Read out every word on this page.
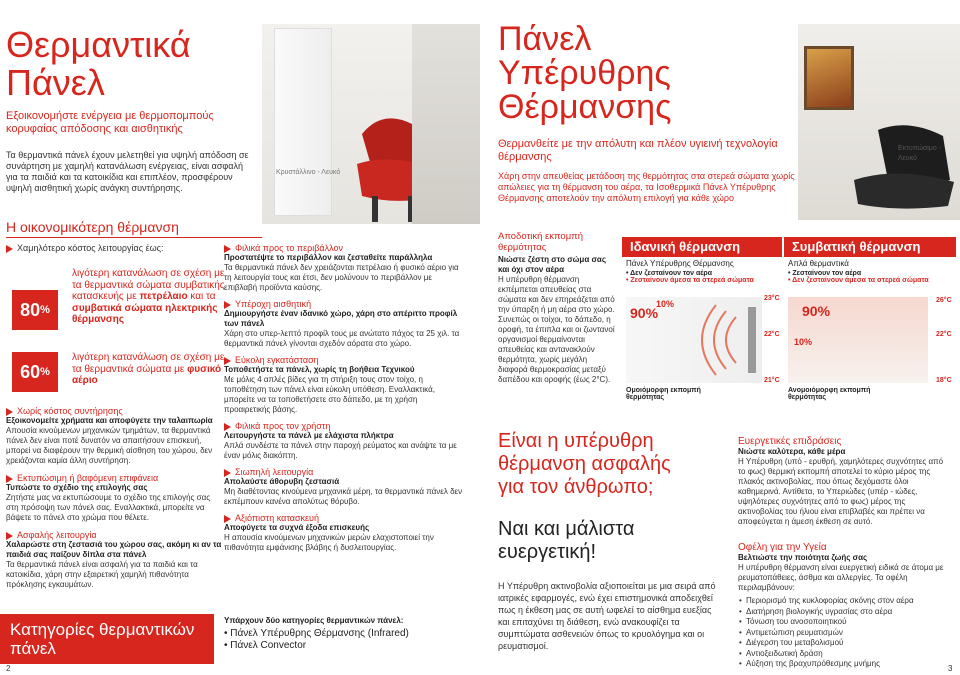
Θερμαντικά
Πάνελ
Εξοικονομήστε ενέργεια με θερμοπομπούς κορυφαίας απόδοσης και αισθητικής
Τα θερμαντικά πάνελ έχουν μελετηθεί για υψηλή απόδοση σε συνάρτηση με χαμηλή κατανάλωση ενέργειας, είναι ασφαλή για τα παιδιά και τα κατοικίδια και επιπλέον, προσφέρουν υψηλή αισθητική χωρίς ανάγκη συντήρησης.
Κρυστάλλινο - Λευκό
Η οικονομικότερη θέρμανση
Χαμηλότερο κόστος λειτουργίας έως:
80 %
λιγότερη κατανάλωση σε σχέση με τα θερμαντικά σώματα συμβατικής κατασκευής με πετρέλαιο και τα συμβατικά σώματα ηλεκτρικής θέρμανσης
60 %
λιγότερη κατανάλωση σε σχέση με τα θερμαντικά σώματα με φυσικό αέριο
Χωρίς κόστος συντήρησης
Εξοικονομείτε χρήματα και αποφύγετε την ταλαιπωρία
Απουσία κινούμενων μηχανικών τμημάτων, τα θερμαντικά πάνελ δεν είναι ποτέ δυνατόν να απαιτήσουν επισκευή, μπορεί να διαφέρουν την θερμική αίσθηση του χώρου, δεν χρειάζονται καμία άλλη συντήρηση.
Εκτυπώσιμη ή βαφόμενη επιφάνεια
Τυπώστε το σχέδιο της επιλογής σας
Ζητήστε μας να εκτυπώσουμε το σχέδιο της επιλογής σας στη πρόσοψη των πάνελ σας. Εναλλακτικά, μπορείτε να βάψετε το πάνελ στο χρώμα που θέλετε.
Ασφαλής λειτουργία
Χαλαρώστε στη ζεστασιά του χώρου σας, ακόμη κι αν τα παιδιά σας παίζουν δίπλα στα πάνελ
Τα θερμαντικά πάνελ είναι ασφαλή για τα παιδιά και τα κατοικίδια, χάρη στην εξαιρετική χαμηλή πιθανότητα πρόκλησης εγκαυμάτων.
Κατηγορίες θερμαντικών πάνελ
Φιλικά προς το περιβάλλον
Προστατέψτε το περιβάλλον και ζεσταθείτε παράλληλα
Τα θερμαντικά πάνελ δεν χρειάζονται πετρέλαιο ή φυσικό αέριο για τη λειτουργία τους και έτσι, δεν μολύνουν το περιβάλλον με επιβλαβή προϊόντα καύσης.
Υπέροχη αισθητική
Δημιουργήστε έναν ιδανικό χώρο, χάρη στο απέριττο προφίλ των πάνελ
Χάρη στο υπερ-λεπτό προφίλ τους με ανώτατο πάχος τα 25 χιλ. τα θερμαντικά πάνελ γίνονται σχεδόν αόρατα στο χώρο.
Εύκολη εγκατάσταση
Τοποθετήστε τα πάνελ, χωρίς τη βοήθεια Τεχνικού
Με μόλις 4 απλές βίδες για τη στήριξη τους στον τοίχο, η τοποθέτηση των πάνελ είναι εύκολη υπόθεση. Εναλλακτικά, μπορείτε να τα τοποθετήσετε στο δάπεδο, με τη χρήση προαιρετικής βάσης.
Φιλικά προς τον χρήστη
Λειτουργήστε τα πάνελ με ελάχιστα πλήκτρα
Απλά συνδέστε τα πάνελ στην παροχή ρεύματος και ανάψτε τα με έναν μόλις διακόπτη.
Σιωπηλή λειτουργία
Απολαύστε άθορυβη ζεστασιά
Μη διαθέτοντας κινούμενα μηχανικά μέρη, τα θερμαντικά πάνελ δεν εκπέμπουν κανένα απολύτως θόρυβο.
Αξιόπιστη κατασκευή
Αποφύγετε τα συχνά έξοδα επισκευής
Η απουσία κινούμενων μηχανικών μερών ελαχιστοποιεί την πιθανότητα εμφάνισης βλάβης ή δυσλειτουργίας.
Υπάρχουν δύο κατηγορίες θερμαντικών πάνελ:
• Πάνελ Υπέρυθρης Θέρμανσης (Infrared)
• Πάνελ Convector
2
Πάνελ
Υπέρυθρης
Θέρμανσης
Θερμανθείτε με την απόλυτη και πλέον υγιεινή τεχνολογία θέρμανσης
Χάρη στην απευθείας μετάδοση της θερμότητας στα στερεά σώματα χωρίς απώλειες για τη θέρμανση του αέρα, τα Ισοθερμικά Πάνελ Υπέρυθρης Θέρμανσης αποτελούν την απόλυτη επιλογή για κάθε χώρο
Εκτυπώσιμο - Λευκό
Αποδοτική εκπομπή θερμότητας
Νιώστε ζέστη στο σώμα σας και όχι στον αέρα
Η υπέρυθρη θέρμανση εκπέμπεται απευθείας στα σώματα και δεν επηρεάζεται από την ύπαρξη ή μη αέρα στο χώρο. Συνεπώς οι τοίχοι, το δάπεδο, η οροφή, τα έπιπλα και οι ζωντανοί οργανισμοί θερμαίνονται απευθείας και αντανακλούν θερμότητα, χωρίς μεγάλη διαφορά θερμοκρασίας μεταξύ δαπέδου και οροφής (έως 2°C).
Ιδανική θέρμανση
Πάνελ Υπέρυθρης Θέρμανσης
• Δεν ζεσταίνουν τον αέρα
• Ζεσταίνουν άμεσα τα στερεά σώματα
90%
10%
23°C
22°C
21°C
Ομοιόμορφη εκπομπή θερμότητας
Συμβατική θέρμανση
Απλά θερμαντικά
• Ζεσταίνουν τον αέρα
• Δεν ζεσταίνουν άμεσα τα στερεά σώματα
90%
10%
26°C
22°C
18°C
Ανομοιόμορφη εκπομπή θερμότητας
Είναι η υπέρυθρη
θέρμανση ασφαλής
για τον άνθρωπο;
Ναι και μάλιστα
ευεργετική!
Η Υπέρυθρη ακτινοβολία αξιοποιείται με μια σειρά από ιατρικές εφαρμογές, ενώ έχει επιστημονικά αποδειχθεί πως η έκθεση μας σε αυτή ωφελεί το αίσθημα ευεξίας και επιταχύνει τη διάθεση, ενώ ανακουφίζει τα συμπτώματα ασθενειών όπως το κρυολόγημα και οι ρευματισμοί.
Ευεργετικές επιδράσεις
Νιώστε καλύτερα, κάθε μέρα
Η Υπέρυθρη (υπό - ερυθρή, χαμηλότερες συχνότητες από το φως) θερμική εκπομπή αποτελεί το κύριο μέρος της πλακός ακτινοβολίας, που όπως δεχόμαστε όλοι καθημερινά. Αντίθετα, το Υπεριώδες (υπέρ - ιώδες, υψηλότερες συχνότητες από το φως) μέρος της ακτινοβολίας του ήλιου είναι επιβλαβές και πρέπει να αποφεύγεται η άμεση έκθεση σε αυτό.
Οφέλη για την Υγεία
Βελτιώστε την ποιότητα ζωής σας
Η υπέρυθρη θέρμανση είναι ευεργετική ειδικά σε άτομα με ρευματοπάθειες, άσθμα και αλλεργίες. Τα οφέλη περιλαμβάνουν:
• Περιορισμό της κυκλοφορίας σκόνης στον αέρα
• Διατήρηση βιολογικής υγρασίας στο αέρα
• Τόνωση του ανοσοποιητικού
• Αντιμετώπιση ρευματισμών
• Διέγερση του μεταβολισμού
• Αντιοξειδωτική δράση
• Αύξηση της βραχυπρόθεσμης μνήμης
3
